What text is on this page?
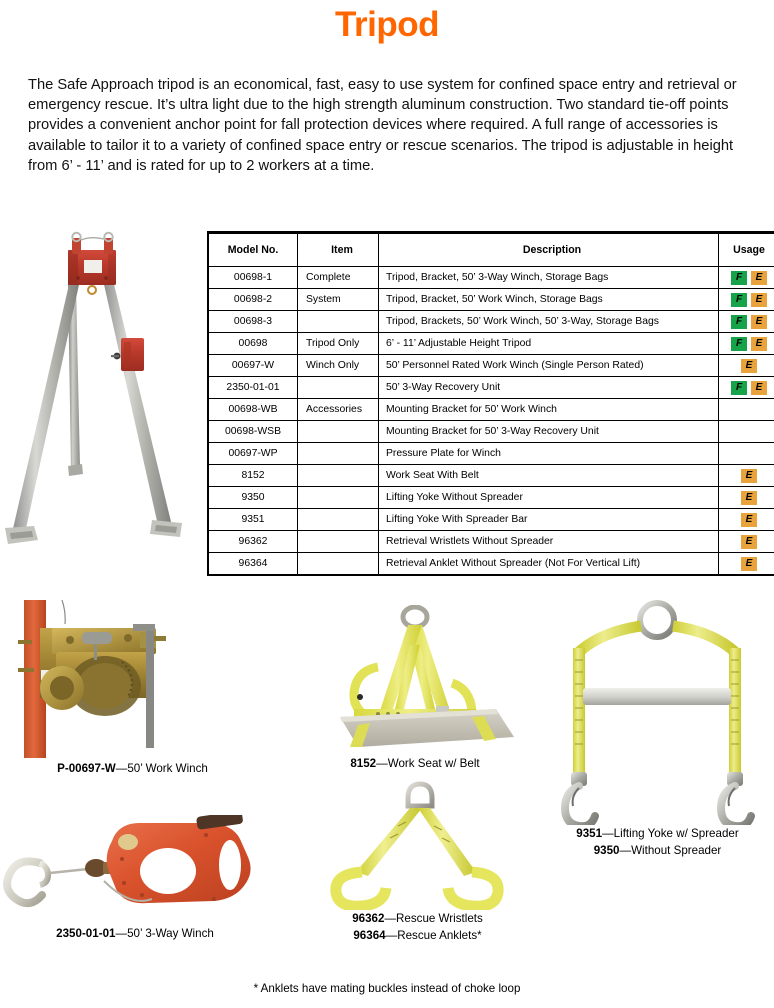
Tripod
The Safe Approach tripod is an economical, fast, easy to use system for confined space entry and retrieval or emergency rescue. It’s ultra light due to the high strength aluminum construction. Two standard tie-off points provides a convenient anchor point for fall protection devices where required. A full range of accessories is available to tailor it to a variety of confined space entry or rescue scenarios. The tripod is adjustable in height from 6’ - 11’ and is rated for up to 2 workers at a time.
Model No.	Item	Description	Usage
00698-1	Complete	Tripod, Bracket, 50’ 3-Way Winch, Storage Bags	F E
00698-2	System	Tripod, Bracket, 50’ Work Winch, Storage Bags	F E
00698-3		Tripod, Brackets, 50’ Work Winch, 50’ 3-Way, Storage Bags	F E
00698	Tripod Only	6’ - 11’ Adjustable Height Tripod	F E
00697-W	Winch Only	50’ Personnel Rated Work Winch (Single Person Rated)	E
2350-01-01		50’ 3-Way Recovery Unit	F E
00698-WB	Accessories	Mounting Bracket for 50’ Work Winch	
00698-WSB		Mounting Bracket for 50’ 3-Way Recovery Unit	
00697-WP		Pressure Plate for Winch	
8152		Work Seat With Belt	E
9350		Lifting Yoke Without Spreader	E
9351		Lifting Yoke With Spreader Bar	E
96362		Retrieval Wristlets Without Spreader	E
96364		Retrieval Anklet Without Spreader (Not For Vertical Lift)	E
P-00697-W—50’ Work Winch	8152—Work Seat w/ Belt
9351—Lifting Yoke w/ Spreader
9350—Without Spreader
2350-01-01—50’ 3-Way Winch
96362—Rescue Wristlets
96364—Rescue Anklets*
* Anklets have mating buckles instead of choke loop
